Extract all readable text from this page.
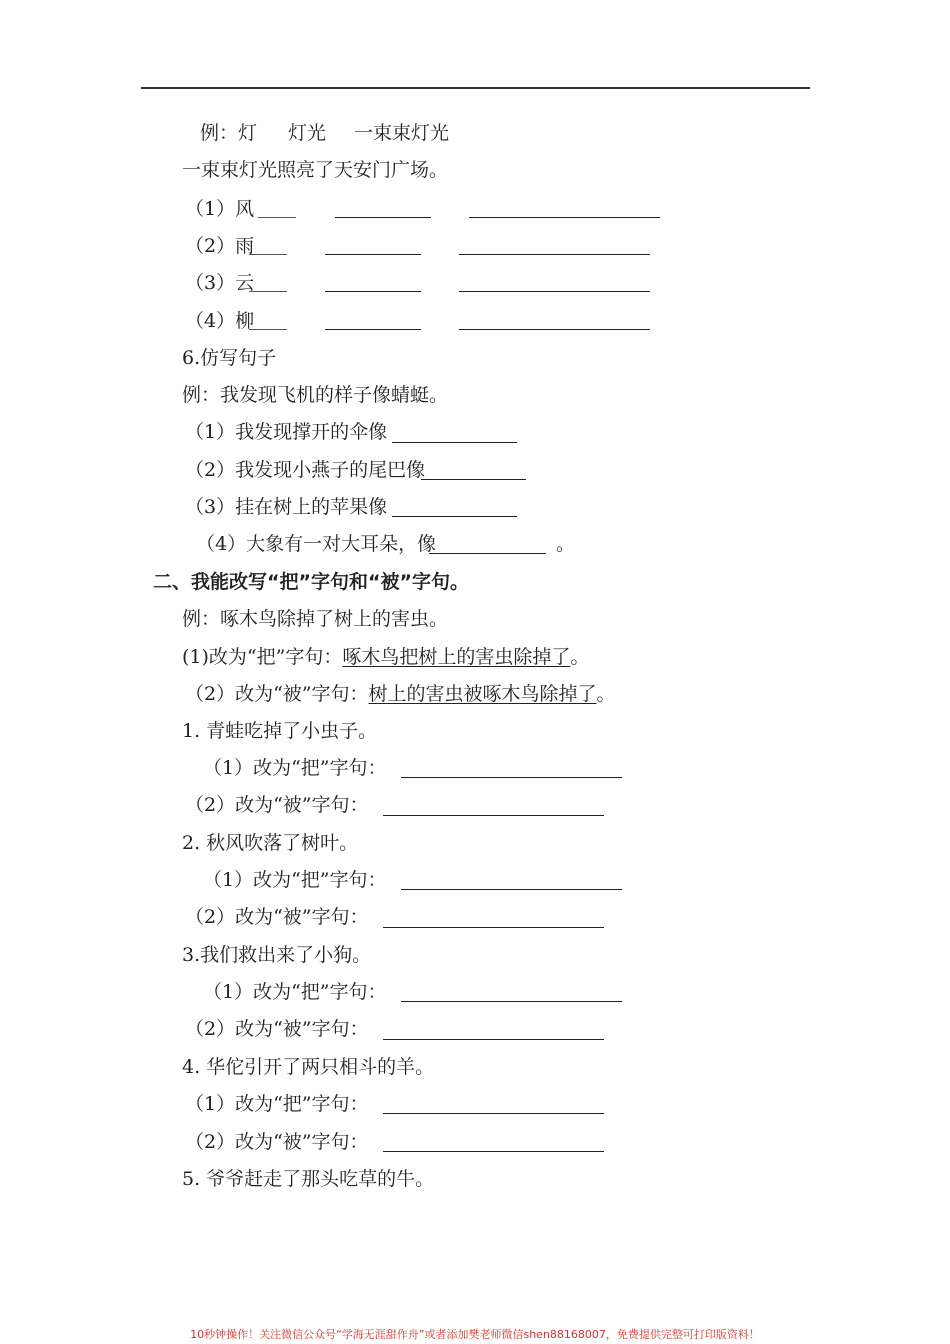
例：灯 灯光 一束束灯光
一束束灯光照亮了天安门广场。
（1）风
（2）雨
（3）云
（4）柳
6.仿写句子
例：我发现飞机的样子像蜻蜓。
（1）我发现撑开的伞像
（2）我发现小燕子的尾巴像
（3）挂在树上的苹果像
（4）大象有一对大耳朵，像	。
二、我能改写“把”字句和“被”字句。
例：啄木鸟除掉了树上的害虫。
(1)改为“把”字句：啄木鸟把树上的害虫除掉了。
（2）改为“被”字句：树上的害虫被啄木鸟除掉了。
1. 青蛙吃掉了小虫子。
（1）改为“把”字句：
（2）改为“被”字句：
2. 秋风吹落了树叶。
（1）改为“把”字句：
（2）改为“被”字句：
3.我们救出来了小狗。
（1）改为“把”字句：
（2）改为“被”字句：
4. 华佗引开了两只相斗的羊。
（1）改为“把”字句：
（2）改为“被”字句：
5. 爷爷赶走了那头吃草的牛。
10秒钟操作！关注微信公众号“学海无涯甜作舟”或者添加樊老师微信shen88168007，免费提供完整可打印版资料！
